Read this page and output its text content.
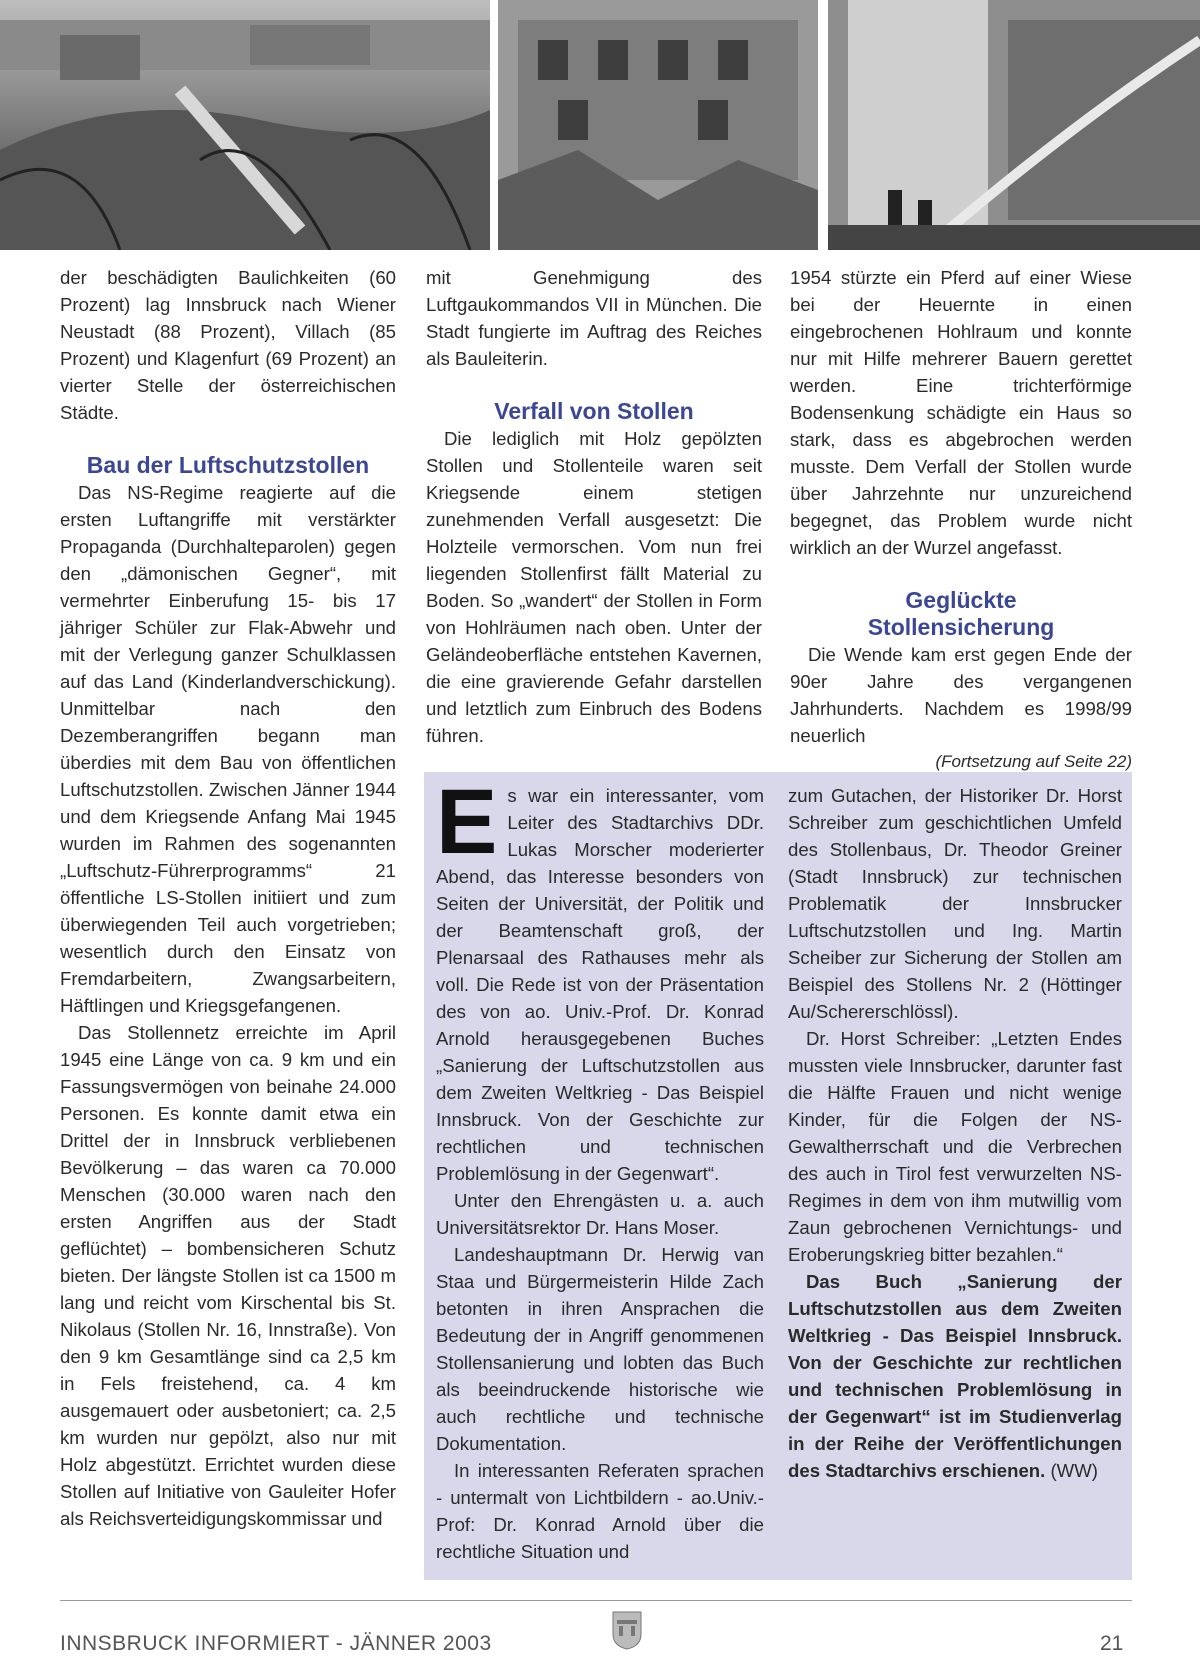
der beschädigten Baulichkeiten (60 Prozent) lag Innsbruck nach Wiener Neustadt (88 Prozent), Villach (85 Prozent) und Klagenfurt (69 Prozent) an vierter Stelle der österreichischen Städte.

Bau der Luftschutzstollen

Das NS-Regime reagierte auf die ersten Luftangriffe mit verstärkter Propaganda (Durchhalteparolen) gegen den „dämonischen Gegner“, mit vermehrter Einberufung 15- bis 17 jähriger Schüler zur Flak-Abwehr und mit der Verlegung ganzer Schulklassen auf das Land (Kinderlandverschickung). Unmittelbar nach den Dezemberangriffen begann man überdies mit dem Bau von öffentlichen Luftschutzstollen. Zwischen Jänner 1944 und dem Kriegsende Anfang Mai 1945 wurden im Rahmen des sogenannten „Luftschutz-Führerprogramms“ 21 öffentliche LS-Stollen initiiert und zum überwiegenden Teil auch vorgetrieben; wesentlich durch den Einsatz von Fremdarbeitern, Zwangsarbeitern, Häftlingen und Kriegsgefangenen.

Das Stollennetz erreichte im April 1945 eine Länge von ca. 9 km und ein Fassungsvermögen von beinahe 24.000 Personen. Es konnte damit etwa ein Drittel der in Innsbruck verbliebenen Bevölkerung – das waren ca 70.000 Menschen (30.000 waren nach den ersten Angriffen aus der Stadt geflüchtet) – bombensicheren Schutz bieten. Der längste Stollen ist ca 1500 m lang und reicht vom Kirschental bis St. Nikolaus (Stollen Nr. 16, Innstraße). Von den 9 km Gesamtlänge sind ca 2,5 km in Fels freistehend, ca. 4 km ausgemauert oder ausbetoniert; ca. 2,5 km wurden nur gepölzt, also nur mit Holz abgestützt. Errichtet wurden diese Stollen auf Initiative von Gauleiter Hofer als Reichsverteidigungskommissar und

mit Genehmigung des Luftgaukommandos VII in München. Die Stadt fungierte im Auftrag des Reiches als Bauleiterin.

Verfall von Stollen

Die lediglich mit Holz gepölzten Stollen und Stollenteile waren seit Kriegsende einem stetigen zunehmenden Verfall ausgesetzt: Die Holzteile vermorschen. Vom nun frei liegenden Stollenfirst fällt Material zu Boden. So „wandert“ der Stollen in Form von Hohlräumen nach oben. Unter der Geländeoberfläche entstehen Kavernen, die eine gravierende Gefahr darstellen und letztlich zum Einbruch des Bodens führen.

1954 stürzte ein Pferd auf einer Wiese bei der Heuernte in einen eingebrochenen Hohlraum und konnte nur mit Hilfe mehrerer Bauern gerettet werden. Eine trichterförmige Bodensenkung schädigte ein Haus so stark, dass es abgebrochen werden musste. Dem Verfall der Stollen wurde über Jahrzehnte nur unzureichend begegnet, das Problem wurde nicht wirklich an der Wurzel angefasst.

Geglückte
Stollensicherung

Die Wende kam erst gegen Ende der 90er Jahre des vergangenen Jahrhunderts. Nachdem es 1998/99 neuerlich

(Fortsetzung auf Seite 22)

Es war ein interessanter, vom Leiter des Stadtarchivs DDr. Lukas Morscher moderierter Abend, das Interesse besonders von Seiten der Universität, der Politik und der Beamtenschaft groß, der Plenarsaal des Rathauses mehr als voll. Die Rede ist von der Präsentation des von ao. Univ.-Prof. Dr. Konrad Arnold herausgegebenen Buches „Sanierung der Luftschutzstollen aus dem Zweiten Weltkrieg - Das Beispiel Innsbruck. Von der Geschichte zur rechtlichen und technischen Problemlösung in der Gegenwart“.

Unter den Ehrengästen u. a. auch Universitätsrektor Dr. Hans Moser.

Landeshauptmann Dr. Herwig van Staa und Bürgermeisterin Hilde Zach betonten in ihren Ansprachen die Bedeutung der in Angriff genommenen Stollensanierung und lobten das Buch als beeindruckende historische wie auch rechtliche und technische Dokumentation.

In interessanten Referaten sprachen - untermalt von Lichtbildern - ao.Univ.-Prof: Dr. Konrad Arnold über die rechtliche Situation und

zum Gutachen, der Historiker Dr. Horst Schreiber zum geschichtlichen Umfeld des Stollenbaus, Dr. Theodor Greiner (Stadt Innsbruck) zur technischen Problematik der Innsbrucker Luftschutzstollen und Ing. Martin Scheiber zur Sicherung der Stollen am Beispiel des Stollens Nr. 2 (Höttinger Au/Schererschlössl).

Dr. Horst Schreiber: „Letzten Endes mussten viele Innsbrucker, darunter fast die Hälfte Frauen und nicht wenige Kinder, für die Folgen der NS-Gewaltherrschaft und die Verbrechen des auch in Tirol fest verwurzelten NS-Regimes in dem von ihm mutwillig vom Zaun gebrochenen Vernichtungs- und Eroberungskrieg bitter bezahlen.“

Das Buch „Sanierung der Luftschutzstollen aus dem Zweiten Weltkrieg - Das Beispiel Innsbruck. Von der Geschichte zur rechtlichen und technischen Problemlösung in der Gegenwart“ ist im Studienverlag in der Reihe der Veröffentlichungen des Stadtarchivs erschienen. (WW)

INNSBRUCK INFORMIERT - JÄNNER 2003	21
